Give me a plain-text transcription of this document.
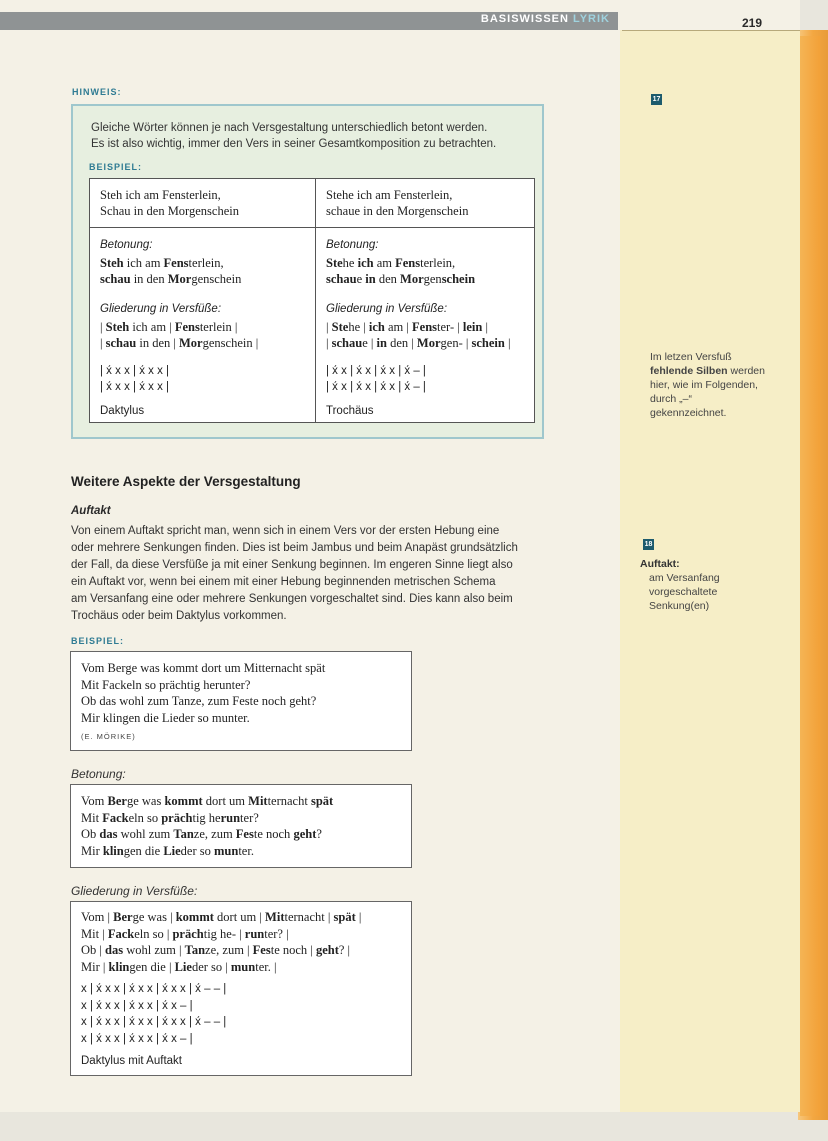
BASISWISSEN LYRIK	219
HINWEIS:
Gleiche Wörter können je nach Versgestaltung unterschiedlich betont werden.
Es ist also wichtig, immer den Vers in seiner Gesamtkomposition zu betrachten.
BEISPIEL:
Steh ich am Fensterlein,
Schau in den Morgenschein
Betonung:
Steh ich am Fensterlein,
schau in den Morgenschein
Gliederung in Versfüße:
| Steh ich am | Fensterlein |
| schau in den | Morgenschein |
| x́ x x | x́ x x |
| x́ x x | x́ x x |
Daktylus
Stehe ich am Fensterlein,
schaue in den Morgenschein
Betonung:
Stehe ich am Fensterlein,
schaue in den Morgenschein
Gliederung in Versfüße:
| Stehe | ich am | Fenster- | lein |
| schaue | in den | Morgen- | schein |
| x́ x | x́ x | x́ x | x́ – |
| x́ x | x́ x | x́ x | x́ – |
Trochäus
Weitere Aspekte der Versgestaltung
Auftakt
Von einem Auftakt spricht man, wenn sich in einem Vers vor der ersten Hebung eine
oder mehrere Senkungen finden. Dies ist beim Jambus und beim Anapäst grundsätzlich
der Fall, da diese Versfüße ja mit einer Senkung beginnen. Im engeren Sinne liegt also
ein Auftakt vor, wenn bei einem mit einer Hebung beginnenden metrischen Schema
am Versanfang eine oder mehrere Senkungen vorgeschaltet sind. Dies kann also beim
Trochäus oder beim Daktylus vorkommen.
BEISPIEL:
Vom Berge was kommt dort um Mitternacht spät
Mit Fackeln so prächtig herunter?
Ob das wohl zum Tanze, zum Feste noch geht?
Mir klingen die Lieder so munter.
(E. MÖRIKE)
Betonung:
Vom Berge was kommt dort um Mitternacht spät
Mit Fackeln so prächtig herunter?
Ob das wohl zum Tanze, zum Feste noch geht?
Mir klingen die Lieder so munter.
Gliederung in Versfüße:
Vom | Berge was | kommt dort um | Mitternacht | spät |
Mit | Fackeln so | prächtig he- | runter? |
Ob | das wohl zum | Tanze, zum | Feste noch | geht? |
Mir | klingen die | Lieder so | munter. |
x | x́ x x | x́ x x | x́ x x | x́ – – |
x | x́ x x | x́ x x | x́ x – |
x | x́ x x | x́ x x | x́ x x | x́ – – |
x | x́ x x | x́ x x | x́ x – |
Daktylus mit Auftakt
17
Im letzen Versfuß
fehlende Silben werden
hier, wie im Folgenden,
durch „–“
gekennzeichnet.
18
Auftakt:
am Versanfang
vorgeschaltete
Senkung(en)
